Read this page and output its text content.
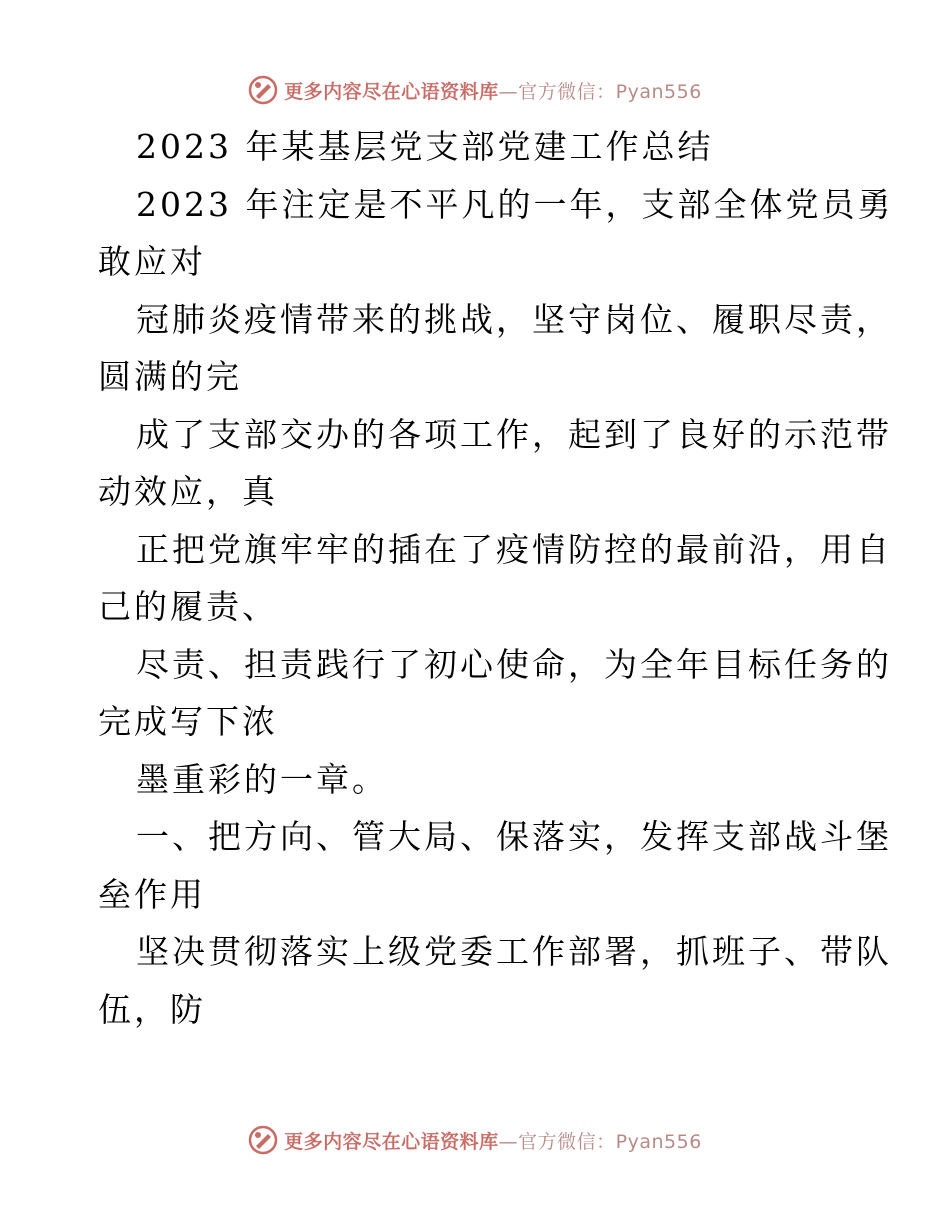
更多内容尽在心语资料库—官方微信：Pyan556
2023 年某基层党支部党建工作总结
2023 年注定是不平凡的一年，支部全体党员勇
敢应对
冠肺炎疫情带来的挑战，坚守岗位、履职尽责，
圆满的完
成了支部交办的各项工作，起到了良好的示范带
动效应，真
正把党旗牢牢的插在了疫情防控的最前沿，用自
己的履责、
尽责、担责践行了初心使命，为全年目标任务的
完成写下浓
墨重彩的一章。
一、把方向、管大局、保落实，发挥支部战斗堡
垒作用
坚决贯彻落实上级党委工作部署，抓班子、带队
伍，防
更多内容尽在心语资料库—官方微信：Pyan556
